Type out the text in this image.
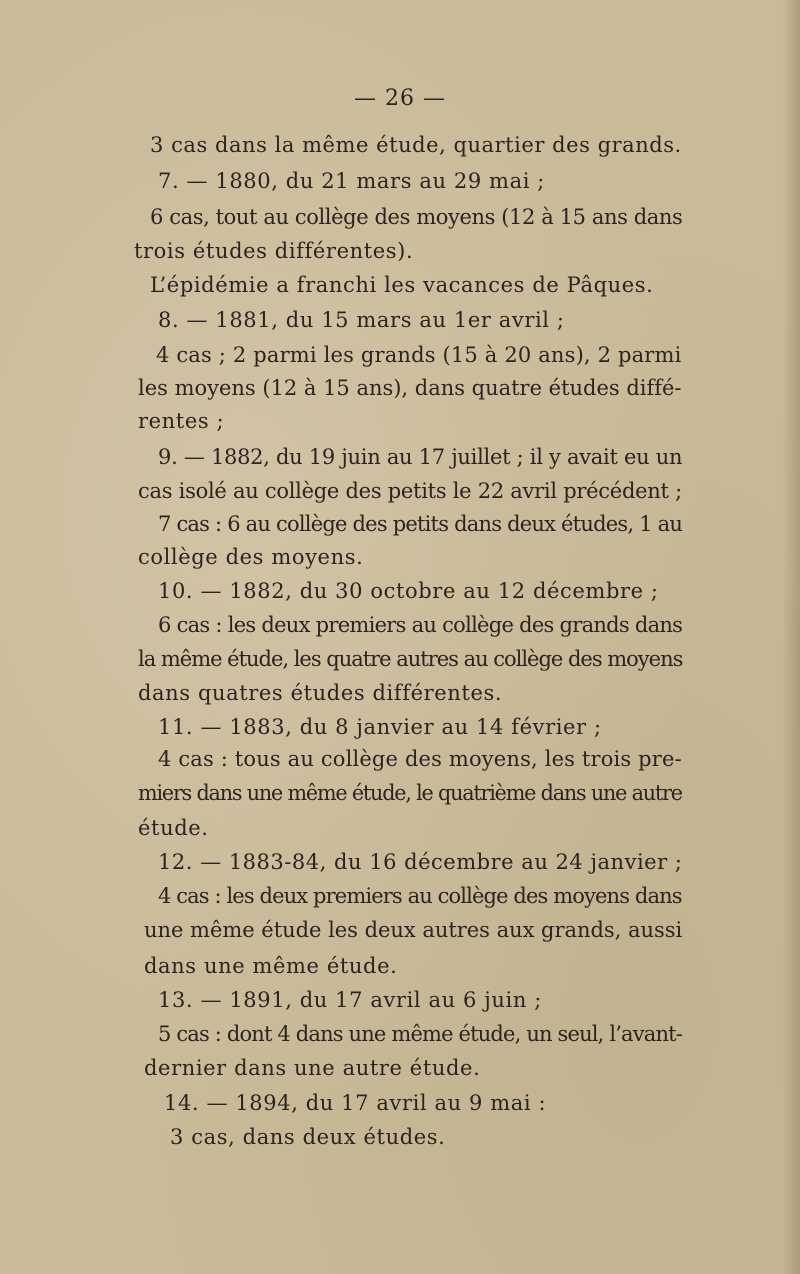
— 26 —
3 cas dans la même étude, quartier des grands.
7. — 1880, du 21 mars au 29 mai ;
6 cas, tout au collège des moyens (12 à 15 ans dans
trois études différentes).
L’épidémie a franchi les vacances de Pâques.
8. — 1881, du 15 mars au 1er avril ;
4 cas ; 2 parmi les grands (15 à 20 ans), 2 parmi
les moyens (12 à 15 ans), dans quatre études diffé-
rentes ;
9. — 1882, du 19 juin au 17 juillet ; il y avait eu un
cas isolé au collège des petits le 22 avril précédent ;
7 cas : 6 au collège des petits dans deux études, 1 au
collège des moyens.
10. — 1882, du 30 octobre au 12 décembre ;
6 cas : les deux premiers au collège des grands dans
la même étude, les quatre autres au collège des moyens
dans quatres études différentes.
11. — 1883, du 8 janvier au 14 février ;
4 cas : tous au collège des moyens, les trois pre-
miers dans une même étude, le quatrième dans une autre
étude.
12. — 1883-84, du 16 décembre au 24 janvier ;
4 cas : les deux premiers au collège des moyens dans
une même étude les deux autres aux grands, aussi
dans une même étude.
13. — 1891, du 17 avril au 6 juin ;
5 cas : dont 4 dans une même étude, un seul, l’avant-
dernier dans une autre étude.
14. — 1894, du 17 avril au 9 mai :
3 cas, dans deux études.
